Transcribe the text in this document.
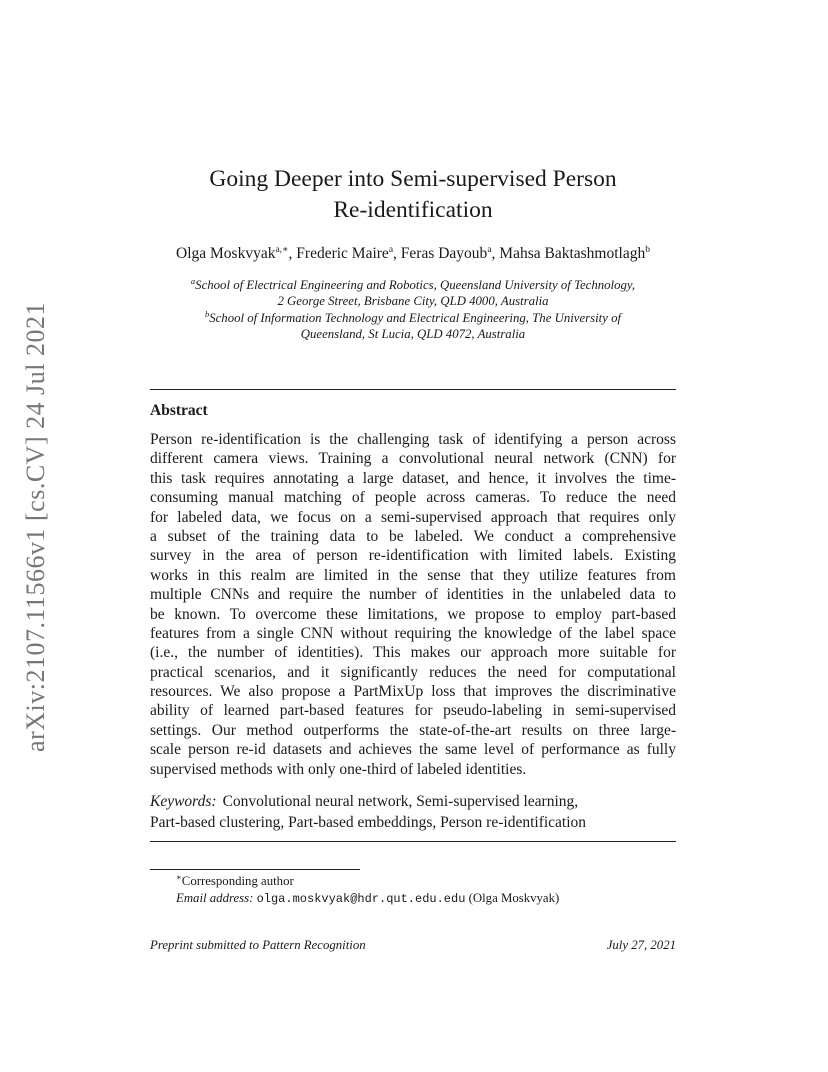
arXiv:2107.11566v1 [cs.CV] 24 Jul 2021
Going Deeper into Semi-supervised Person
Re-identification
Olga Moskvyak$^{a,∗}$, Frederic Maire$^a$, Feras Dayoub$^a$, Mahsa Baktashmotlagh$^b$
$^a$School of Electrical Engineering and Robotics, Queensland University of Technology,
2 George Street, Brisbane City, QLD 4000, Australia
$^b$School of Information Technology and Electrical Engineering, The University of
Queensland, St Lucia, QLD 4072, Australia
Abstract
Person re-identification is the challenging task of identifying a person across
different camera views. Training a convolutional neural network (CNN) for
this task requires annotating a large dataset, and hence, it involves the time-
consuming manual matching of people across cameras. To reduce the need
for labeled data, we focus on a semi-supervised approach that requires only
a subset of the training data to be labeled. We conduct a comprehensive
survey in the area of person re-identification with limited labels. Existing
works in this realm are limited in the sense that they utilize features from
multiple CNNs and require the number of identities in the unlabeled data to
be known. To overcome these limitations, we propose to employ part-based
features from a single CNN without requiring the knowledge of the label space
(i.e., the number of identities). This makes our approach more suitable for
practical scenarios, and it significantly reduces the need for computational
resources. We also propose a PartMixUp loss that improves the discriminative
ability of learned part-based features for pseudo-labeling in semi-supervised
settings. Our method outperforms the state-of-the-art results on three large-
scale person re-id datasets and achieves the same level of performance as fully
supervised methods with only one-third of labeled identities.
Keywords: Convolutional neural network, Semi-supervised learning,
Part-based clustering, Part-based embeddings, Person re-identification
∗Corresponding author
Email address: olga.moskvyak@hdr.qut.edu.edu (Olga Moskvyak)
Preprint submitted to Pattern Recognition	July 27, 2021
